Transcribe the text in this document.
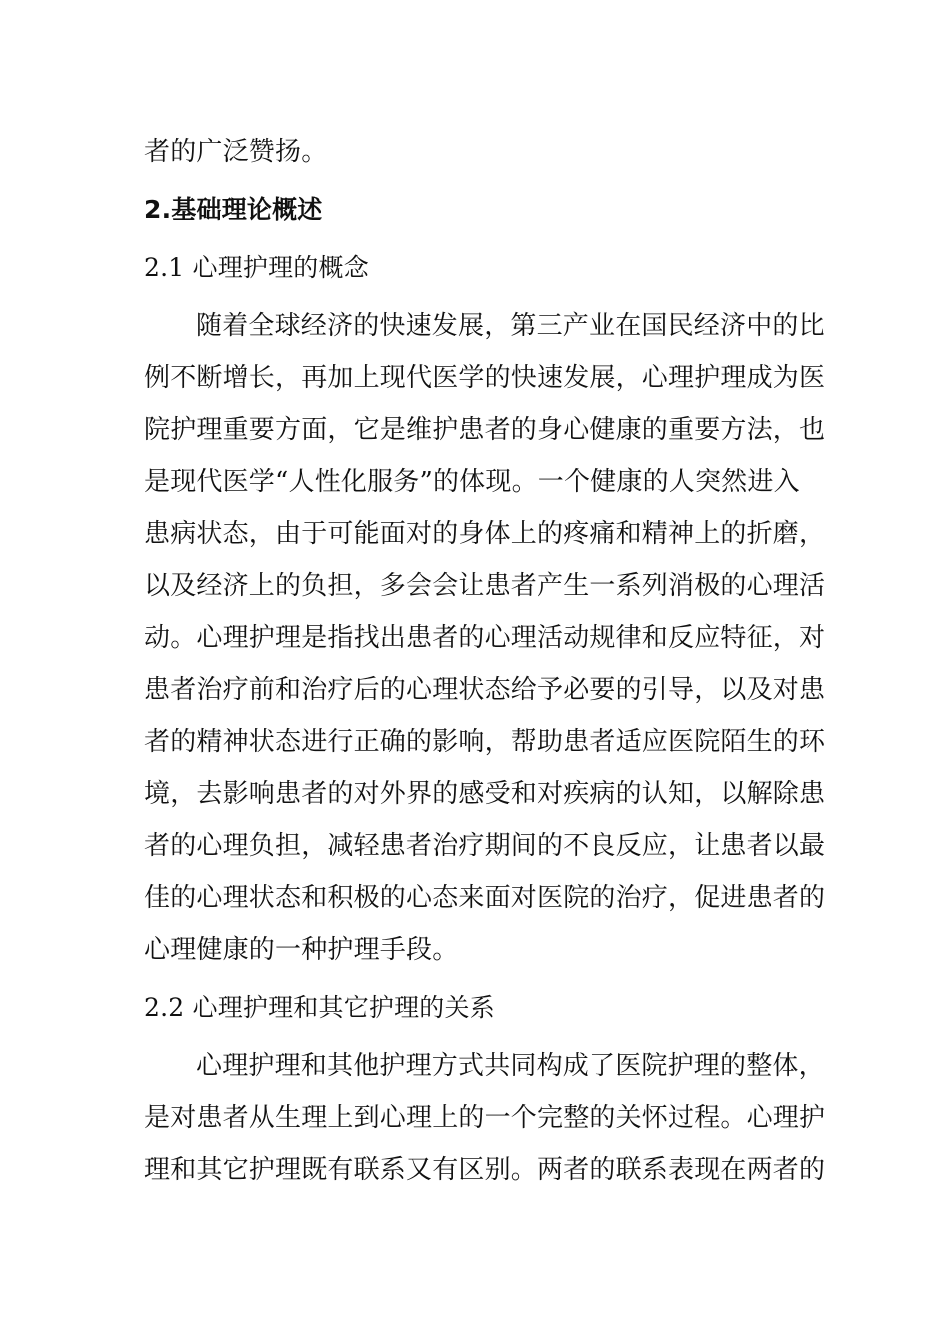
者的广泛赞扬。
2.基础理论概述
2.1 心理护理的概念
随着全球经济的快速发展，第三产业在国民经济中的比
例不断增长，再加上现代医学的快速发展，心理护理成为医
院护理重要方面，它是维护患者的身心健康的重要方法，也
是现代医学“人性化服务”的体现。一个健康的人突然进入
患病状态，由于可能面对的身体上的疼痛和精神上的折磨，
以及经济上的负担，多会会让患者产生一系列消极的心理活
动。心理护理是指找出患者的心理活动规律和反应特征，对
患者治疗前和治疗后的心理状态给予必要的引导，以及对患
者的精神状态进行正确的影响，帮助患者适应医院陌生的环
境，去影响患者的对外界的感受和对疾病的认知，以解除患
者的心理负担，减轻患者治疗期间的不良反应，让患者以最
佳的心理状态和积极的心态来面对医院的治疗，促进患者的
心理健康的一种护理手段。
2.2 心理护理和其它护理的关系
心理护理和其他护理方式共同构成了医院护理的整体，
是对患者从生理上到心理上的一个完整的关怀过程。心理护
理和其它护理既有联系又有区别。两者的联系表现在两者的
